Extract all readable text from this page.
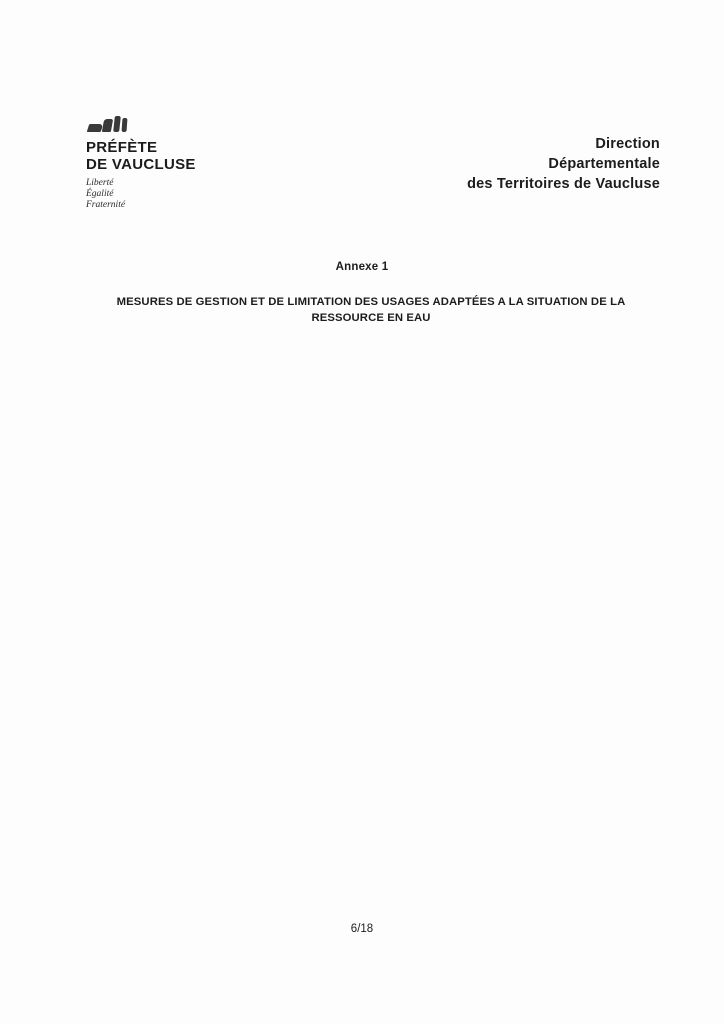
PRÉFÈTE
DE VAUCLUSE
Liberté
Égalité
Fraternité
Direction
Départementale
des Territoires de Vaucluse
Annexe 1
MESURES DE GESTION ET DE LIMITATION DES USAGES ADAPTÉES A LA SITUATION DE LA RESSOURCE EN EAU
6/18
